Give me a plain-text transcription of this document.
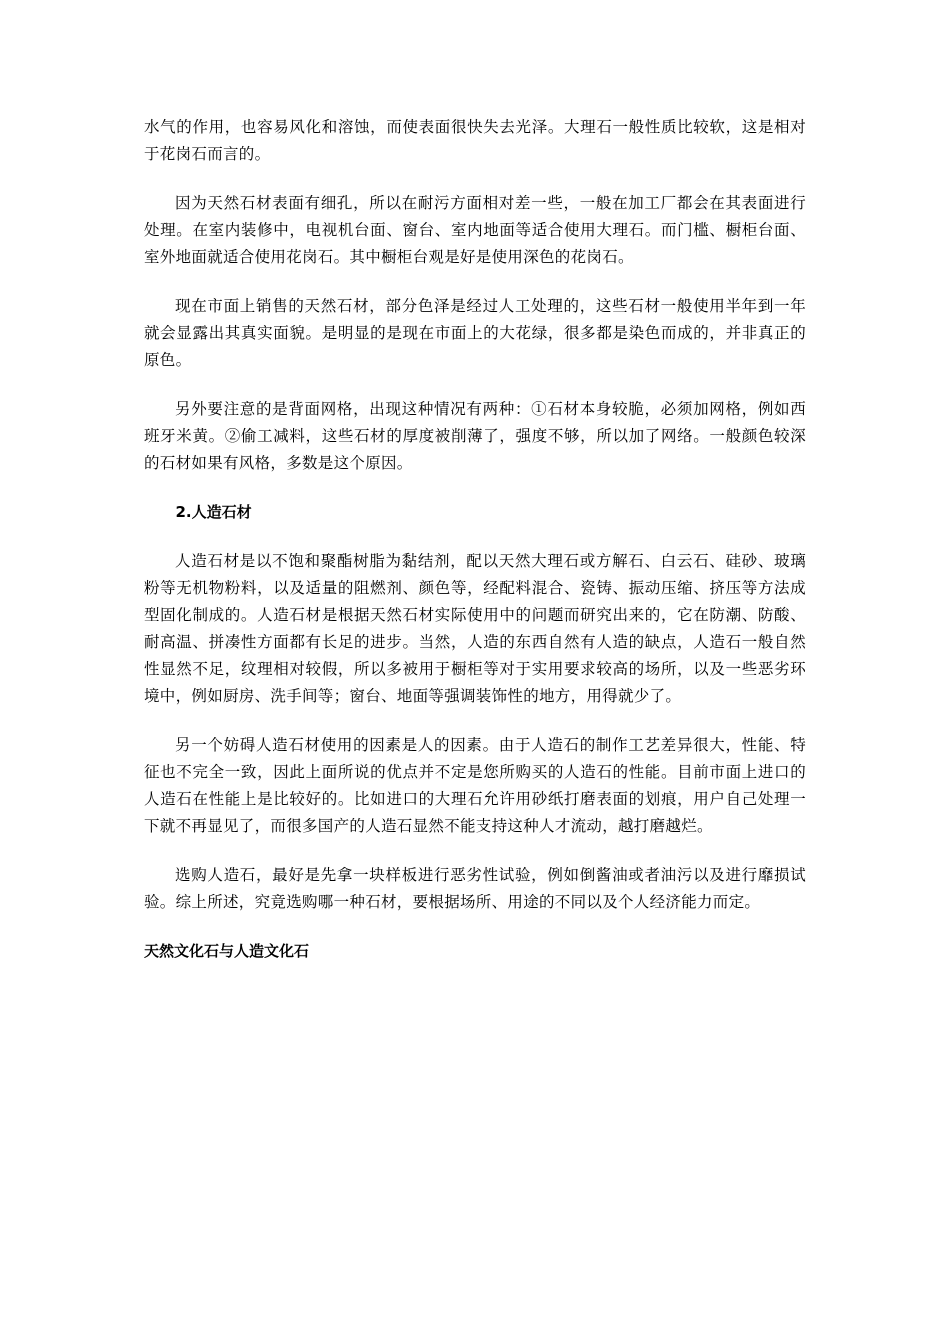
水气的作用，也容易风化和溶蚀，而使表面很快失去光泽。大理石一般性质比较软，这是相对于花岗石而言的。

因为天然石材表面有细孔，所以在耐污方面相对差一些，一般在加工厂都会在其表面进行处理。在室内装修中，电视机台面、窗台、室内地面等适合使用大理石。而门槛、橱柜台面、室外地面就适合使用花岗石。其中橱柜台观是好是使用深色的花岗石。

现在市面上销售的天然石材，部分色泽是经过人工处理的，这些石材一般使用半年到一年就会显露出其真实面貌。是明显的是现在市面上的大花绿，很多都是染色而成的，并非真正的原色。

另外要注意的是背面网格，出现这种情况有两种：①石材本身较脆，必须加网格，例如西班牙米黄。②偷工减料，这些石材的厚度被削薄了，强度不够，所以加了网络。一般颜色较深的石材如果有风格，多数是这个原因。

2.人造石材

人造石材是以不饱和聚酯树脂为黏结剂，配以天然大理石或方解石、白云石、硅砂、玻璃粉等无机物粉料，以及适量的阻燃剂、颜色等，经配料混合、瓷铸、振动压缩、挤压等方法成型固化制成的。人造石材是根据天然石材实际使用中的问题而研究出来的，它在防潮、防酸、耐高温、拼凑性方面都有长足的进步。当然，人造的东西自然有人造的缺点，人造石一般自然性显然不足，纹理相对较假，所以多被用于橱柜等对于实用要求较高的场所，以及一些恶劣环境中，例如厨房、洗手间等；窗台、地面等强调装饰性的地方，用得就少了。

另一个妨碍人造石材使用的因素是人的因素。由于人造石的制作工艺差异很大，性能、特征也不完全一致，因此上面所说的优点并不定是您所购买的人造石的性能。目前市面上进口的人造石在性能上是比较好的。比如进口的大理石允许用砂纸打磨表面的划痕，用户自己处理一下就不再显见了，而很多国产的人造石显然不能支持这种人才流动，越打磨越烂。

选购人造石，最好是先拿一块样板进行恶劣性试验，例如倒酱油或者油污以及进行靡损试验。综上所述，究竟选购哪一种石材，要根据场所、用途的不同以及个人经济能力而定。

天然文化石与人造文化石
